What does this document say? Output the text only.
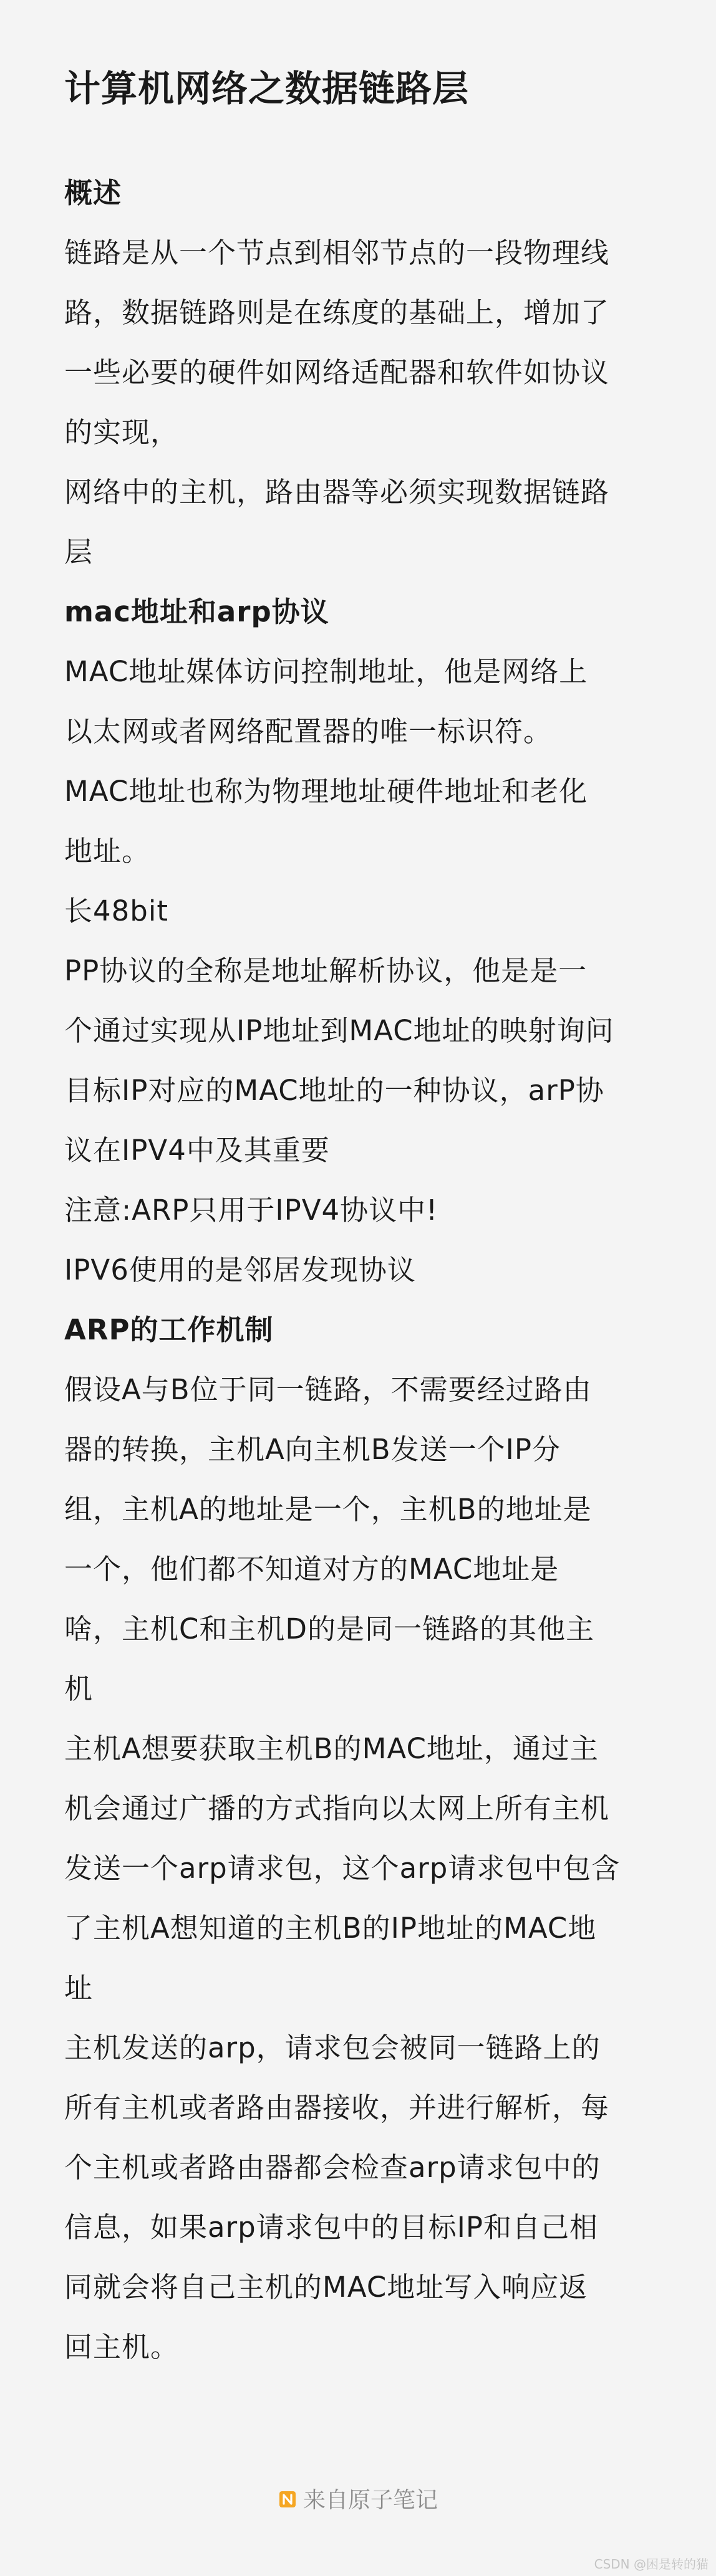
计算机网络之数据链路层
概述
链路是从一个节点到相邻节点的一段物理线
路，数据链路则是在练度的基础上，增加了
一些必要的硬件如网络适配器和软件如协议
的实现，
网络中的主机，路由器等必须实现数据链路
层
mac地址和arp协议
MAC地址媒体访问控制地址，他是网络上
以太网或者网络配置器的唯一标识符。
MAC地址也称为物理地址硬件地址和老化
地址。
长48bit
PP协议的全称是地址解析协议，他是是一
个通过实现从IP地址到MAC地址的映射询问
目标IP对应的MAC地址的一种协议，arP协
议在IPV4中及其重要
注意:ARP只用于IPV4协议中!
IPV6使用的是邻居发现协议
ARP的工作机制
假设A与B位于同一链路，不需要经过路由
器的转换，主机A向主机B发送一个IP分
组，主机A的地址是一个，主机B的地址是
一个，他们都不知道对方的MAC地址是
啥，主机C和主机D的是同一链路的其他主
机
主机A想要获取主机B的MAC地址，通过主
机会通过广播的方式指向以太网上所有主机
发送一个arp请求包，这个arp请求包中包含
了主机A想知道的主机B的IP地址的MAC地
址
主机发送的arp，请求包会被同一链路上的
所有主机或者路由器接收，并进行解析，每
个主机或者路由器都会检查arp请求包中的
信息，如果arp请求包中的目标IP和自己相
同就会将自己主机的MAC地址写入响应返
回主机。
来自原子笔记
CSDN @困是转的猫
